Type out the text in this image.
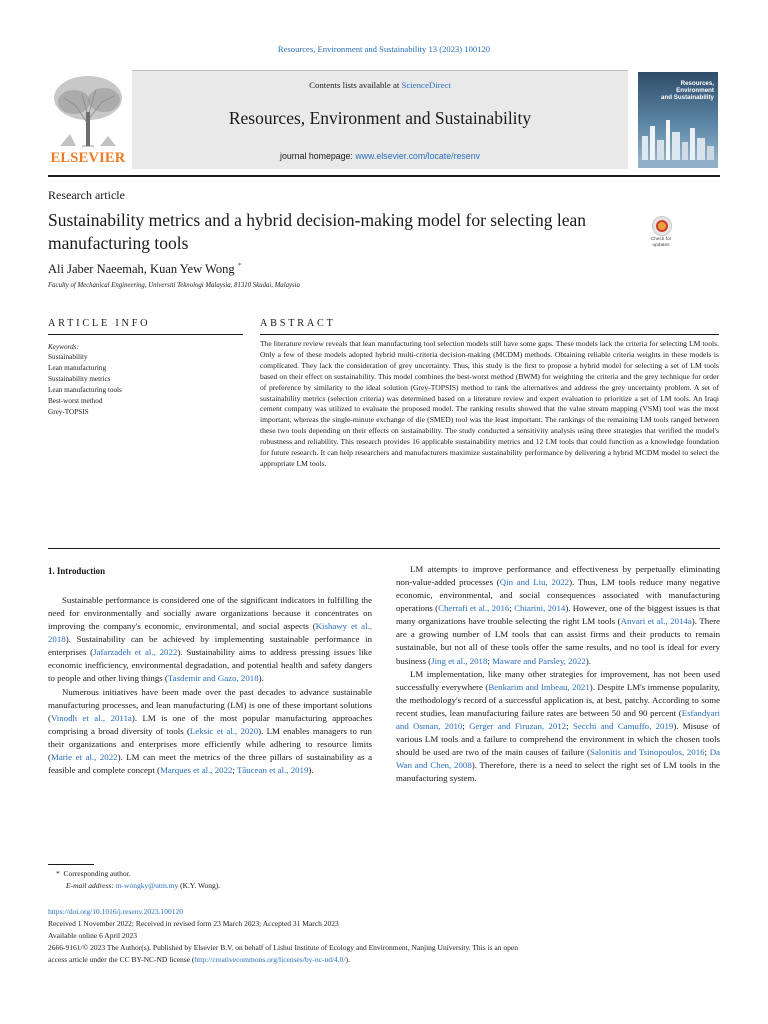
Resources, Environment and Sustainability 13 (2023) 100120
ELSEVIER
Contents lists available at ScienceDirect
Resources, Environment and Sustainability
journal homepage: www.elsevier.com/locate/resenv
Resources,
Environment
and Sustainability
Research article
Sustainability metrics and a hybrid decision-making model for selecting lean manufacturing tools	Check for
updates
Ali Jaber Naeemah, Kuan Yew Wong *
Faculty of Mechanical Engineering, Universiti Teknologi Malaysia, 81310 Skudai, Malaysia
ARTICLE INFO
Keywords:
Sustainability
Lean manufacturing
Sustainability metrics
Lean manufacturing tools
Best-worst method
Grey-TOPSIS
ABSTRACT
The literature review reveals that lean manufacturing tool selection models still have some gaps. These models lack the criteria for selecting LM tools. Only a few of these models adopted hybrid multi-criteria decision-making (MCDM) methods. Obtaining reliable criteria weights in these models is complicated. They lack the consideration of grey uncertainty. Thus, this study is the first to propose a hybrid model for selecting a set of LM tools based on their effect on sustainability. This model combines the best-worst method (BWM) for weighting the criteria and the grey technique for order of preference by similarity to the ideal solution (Grey-TOPSIS) method to rank the alternatives and address the grey uncertainty problem. A set of sustainability metrics (selection criteria) was determined based on a literature review and expert evaluation to prioritize a set of LM tools. An Iraqi cement company was utilized to evaluate the proposed model. The ranking results showed that the value stream mapping (VSM) tool was the most important, whereas the single-minute exchange of die (SMED) tool was the least important. The rankings of the remaining LM tools ranged between these two tools depending on their effects on sustainability. The study conducted a sensitivity analysis using three strategies that verified the model's robustness and reliability. This research provides 16 applicable sustainability metrics and 12 LM tools that could function as a knowledge foundation for future research. It can help researchers and manufacturers maximize sustainability performance by delivering a hybrid MCDM model to select the appropriate LM tools.
1. Introduction

Sustainable performance is considered one of the significant indicators in fulfilling the need for environmentally and socially aware organizations because it concentrates on improving the company's economic, environmental, and social aspects (Kishawy et al., 2018). Sustainability can be achieved by implementing sustainable performance in enterprises (Jafarzadeh et al., 2022). Sustainability aims to address pressing issues like economic inefficiency, environmental degradation, and potential health and safety dangers to people and other living things (Tasdemir and Gazo, 2018).

Numerous initiatives have been made over the past decades to advance sustainable manufacturing processes, and lean manufacturing (LM) is one of these important solutions (Vinodh et al., 2011a). LM is one of the most popular manufacturing approaches comprising a broad diversity of tools (Leksic et al., 2020). LM enables managers to run their organizations and enterprises more efficiently while adhering to resource limits (Marie et al., 2022). LM can meet the metrics of the three pillars of sustainability as a feasible and complete concept (Marques et al., 2022; Tăucean et al., 2019).

LM attempts to improve performance and effectiveness by perpetually eliminating non-value-added processes (Qin and Liu, 2022). Thus, LM tools reduce many negative economic, environmental, and social consequences associated with manufacturing operations (Cherrafi et al., 2016; Chiarini, 2014). However, one of the biggest issues is that many organizations have trouble selecting the right LM tools (Anvari et al., 2014a). There are a growing number of LM tools that can assist firms and their products to remain sustainable, but not all of these tools offer the same results, and no tool is ideal for every business (Jing et al., 2018; Maware and Parsley, 2022).

LM implementation, like many other strategies for improvement, has not been used successfully everywhere (Benkarim and Imbeau, 2021). Despite LM's immense popularity, the methodology's record of a successful application is, at best, patchy. According to some recent studies, lean manufacturing failure rates are between 50 and 90 percent (Esfandyari and Osman, 2010; Gerger and Firuzan, 2012; Secchi and Camuffo, 2019). Misuse of various LM tools and a failure to comprehend the environment in which the chosen tools should be used are two of the main causes of failure (Salonitis and Tsinopoulos, 2016; Da Wan and Chen, 2008). Therefore, there is a need to select the right set of LM tools in the manufacturing system.

* Corresponding author.
E-mail address: m-wongky@utm.my (K.Y. Wong).
https://doi.org/10.1016/j.resenv.2023.100120
Received 1 November 2022; Received in revised form 23 March 2023; Accepted 31 March 2023
Available online 6 April 2023
2666-9161/© 2023 The Author(s). Published by Elsevier B.V. on behalf of Lishui Institute of Ecology and Environment, Nanjing University. This is an open
access article under the CC BY-NC-ND license (http://creativecommons.org/licenses/by-nc-nd/4.0/).
